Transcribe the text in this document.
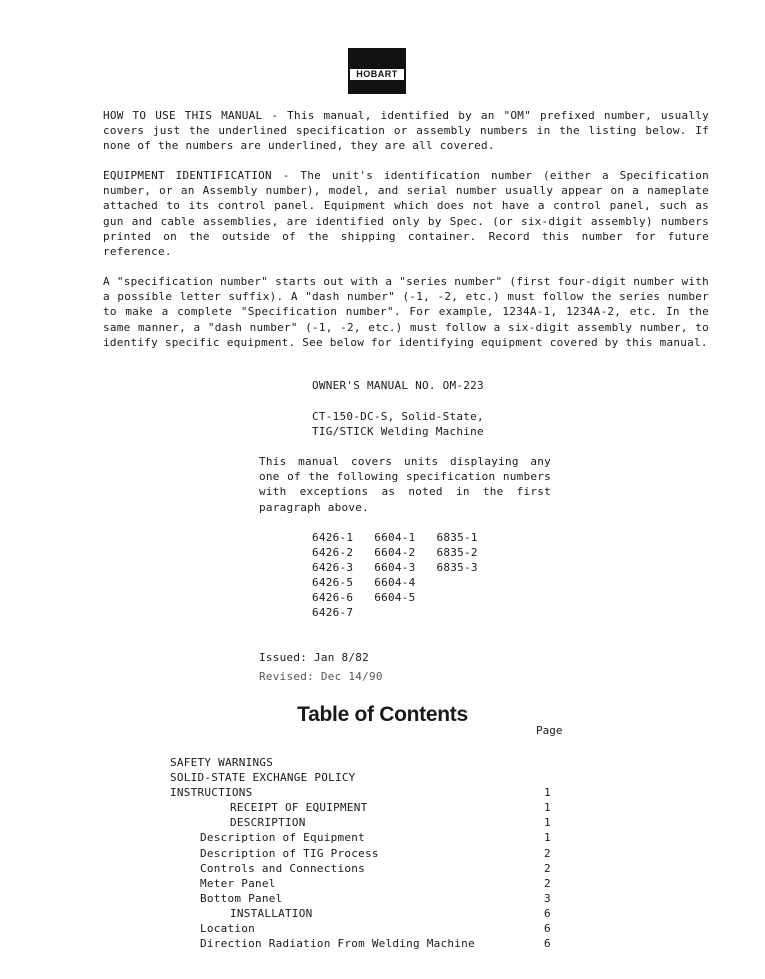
HOBART

HOW TO USE THIS MANUAL - This manual, identified by an "OM" prefixed number, usually covers just the underlined specification or assembly numbers in the listing below. If none of the numbers are underlined, they are all covered.

EQUIPMENT IDENTIFICATION - The unit's identification number (either a Specification number, or an Assembly number), model, and serial number usually appear on a nameplate attached to its control panel. Equipment which does not have a control panel, such as gun and cable assemblies, are identified only by Spec. (or six-digit assembly) numbers printed on the outside of the shipping container. Record this number for future reference.

A "specification number" starts out with a "series number" (first four-digit number with a possible letter suffix). A "dash number" (-1, -2, etc.) must follow the series number to make a complete "Specification number". For example, 1234A-1, 1234A-2, etc. In the same manner, a "dash number" (-1, -2, etc.) must follow a six-digit assembly number, to identify specific equipment. See below for identifying equipment covered by this manual.

OWNER'S MANUAL NO. OM-223
CT-150-DC-S, Solid-State,
TIG/STICK Welding Machine
This manual covers units displaying any one of the following specification numbers with exceptions as noted in the first paragraph above.
6426-1	6604-1	6835-1
6426-2	6604-2	6835-2
6426-3	6604-3	6835-3
6426-5	6604-4	
6426-6	6604-5	
6426-7		
Issued: Jan 8/82
Revised: Dec 14/90
Table of Contents
Page
SAFETY WARNINGS
SOLID-STATE EXCHANGE POLICY
INSTRUCTIONS	1
RECEIPT OF EQUIPMENT	1
DESCRIPTION	1
Description of Equipment	1
Description of TIG Process	2
Controls and Connections	2
Meter Panel	2
Bottom Panel	3
INSTALLATION	6
Location	6
Direction Radiation From Welding Machine	6
